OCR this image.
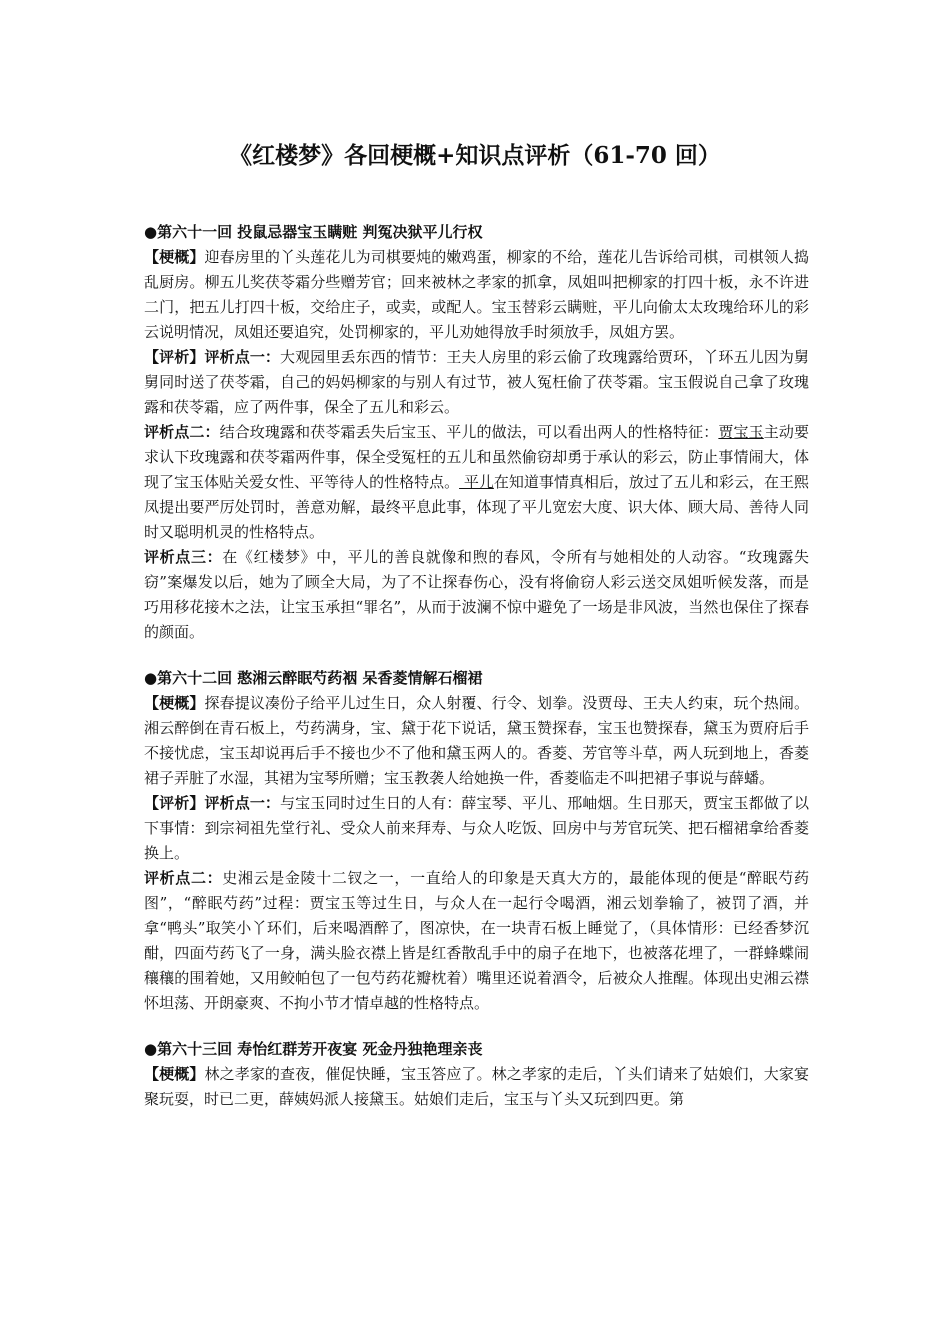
《红楼梦》各回梗概+知识点评析（61-70 回）
●第六十一回 投鼠忌器宝玉瞒赃 判冤决狱平儿行权

【梗概】迎春房里的丫头莲花儿为司棋要炖的嫩鸡蛋，柳家的不给，莲花儿告诉给司棋，司棋领人捣乱厨房。柳五儿奖茯苓霜分些赠芳官；回来被林之孝家的抓拿，凤姐叫把柳家的打四十板，永不许进二门，把五儿打四十板，交给庄子，或卖，或配人。宝玉替彩云瞒赃，平儿向偷太太玫瑰给环儿的彩云说明情况，凤姐还要追究，处罚柳家的，平儿劝她得放手时须放手，凤姐方罢。

【评析】评析点一：大观园里丢东西的情节：王夫人房里的彩云偷了玫瑰露给贾环，丫环五儿因为舅舅同时送了茯苓霜，自己的妈妈柳家的与别人有过节，被人冤枉偷了茯苓霜。宝玉假说自己拿了玫瑰露和茯苓霜，应了两件事，保全了五儿和彩云。

评析点二：结合玫瑰露和茯苓霜丢失后宝玉、平儿的做法，可以看出两人的性格特征：贾宝玉主动要求认下玫瑰露和茯苓霜两件事，保全受冤枉的五儿和虽然偷窃却勇于承认的彩云，防止事情闹大，体现了宝玉体贴关爱女性、平等待人的性格特点。 平儿在知道事情真相后，放过了五儿和彩云，在王熙凤提出要严厉处罚时，善意劝解，最终平息此事，体现了平儿宽宏大度、识大体、顾大局、善待人同时又聪明机灵的性格特点。

评析点三：在《红楼梦》中，平儿的善良就像和煦的春风，令所有与她相处的人动容。“玫瑰露失窃”案爆发以后，她为了顾全大局，为了不让探春伤心，没有将偷窃人彩云送交凤姐听候发落，而是巧用移花接木之法，让宝玉承担“罪名”，从而于波澜不惊中避免了一场是非风波，当然也保住了探春的颜面。

●第六十二回 憨湘云醉眠芍药裀 呆香菱情解石榴裙

【梗概】探春提议凑份子给平儿过生日，众人射覆、行令、划拳。没贾母、王夫人约束，玩个热闹。湘云醉倒在青石板上，芍药满身，宝、黛于花下说话，黛玉赞探春，宝玉也赞探春，黛玉为贾府后手不接忧虑，宝玉却说再后手不接也少不了他和黛玉两人的。香菱、芳官等斗草，两人玩到地上，香菱裙子弄脏了水湿，其裙为宝琴所赠；宝玉教袭人给她换一件，香菱临走不叫把裙子事说与薛蟠。

【评析】评析点一：与宝玉同时过生日的人有：薛宝琴、平儿、邢岫烟。生日那天，贾宝玉都做了以下事情：到宗祠祖先堂行礼、受众人前来拜寿、与众人吃饭、回房中与芳官玩笑、把石榴裙拿给香菱换上。

评析点二：史湘云是金陵十二钗之一，一直给人的印象是天真大方的，最能体现的便是“醉眠芍药图”，“醉眠芍药”过程：贾宝玉等过生日，与众人在一起行令喝酒，湘云划拳输了，被罚了酒，并拿“鸭头”取笑小丫环们，后来喝酒醉了，图凉快，在一块青石板上睡觉了，（具体情形：已经香梦沉酣，四面芍药飞了一身，满头脸衣襟上皆是红香散乱手中的扇子在地下，也被落花埋了，一群蜂蝶闹穰穰的围着她，又用鲛帕包了一包芍药花瓣枕着）嘴里还说着酒令，后被众人推醒。体现出史湘云襟怀坦荡、开朗豪爽、不拘小节才情卓越的性格特点。

●第六十三回 寿怡红群芳开夜宴 死金丹独艳理亲丧

【梗概】林之孝家的查夜，催促快睡，宝玉答应了。林之孝家的走后，丫头们请来了姑娘们，大家宴聚玩耍，时已二更，薛姨妈派人接黛玉。姑娘们走后，宝玉与丫头又玩到四更。第
